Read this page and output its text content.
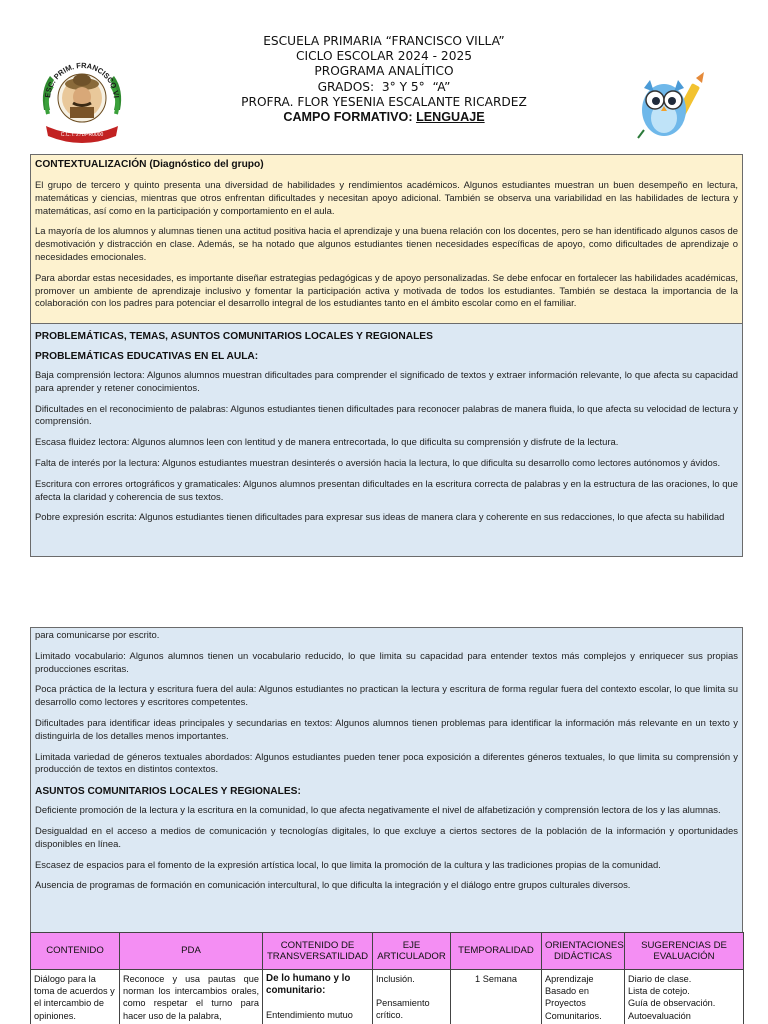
ESC. PRIM. FRANCISCO VI
C.C.T. 27DPR0000
ESCUELA PRIMARIA “FRANCISCO VILLA”
CICLO ESCOLAR 2024 - 2025
PROGRAMA ANALÍTICO
GRADOS:  3° Y 5°  “A”
PROFRA. FLOR YESENIA ESCALANTE RICARDEZ
CAMPO FORMATIVO: LENGUAJE
CONTEXTUALIZACIÓN (Diagnóstico del grupo)

El grupo de tercero y quinto presenta una diversidad de habilidades y rendimientos académicos. Algunos estudiantes muestran un buen desempeño en lectura, matemáticas y ciencias, mientras que otros enfrentan dificultades y necesitan apoyo adicional. También se observa una variabilidad en las habilidades de lectura y matemáticas, así como en la participación y comportamiento en el aula.

La mayoría de los alumnos y alumnas tienen una actitud positiva hacia el aprendizaje y una buena relación con los docentes, pero se han identificado algunos casos de desmotivación y distracción en clase. Además, se ha notado que algunos estudiantes tienen necesidades específicas de apoyo, como dificultades de aprendizaje o necesidades emocionales.

Para abordar estas necesidades, es importante diseñar estrategias pedagógicas y de apoyo personalizadas. Se debe enfocar en fortalecer las habilidades académicas, promover un ambiente de aprendizaje inclusivo y fomentar la participación activa y motivada de todos los estudiantes. También se destaca la importancia de la colaboración con los padres para potenciar el desarrollo integral de los estudiantes tanto en el ámbito escolar como en el familiar.

PROBLEMÁTICAS, TEMAS, ASUNTOS COMUNITARIOS LOCALES Y REGIONALES
PROBLEMÁTICAS EDUCATIVAS EN EL AULA:

Baja comprensión lectora: Algunos alumnos muestran dificultades para comprender el significado de textos y extraer información relevante, lo que afecta su capacidad para aprender y retener conocimientos.

Dificultades en el reconocimiento de palabras: Algunos estudiantes tienen dificultades para reconocer palabras de manera fluida, lo que afecta su velocidad de lectura y comprensión.

Escasa fluidez lectora: Algunos alumnos leen con lentitud y de manera entrecortada, lo que dificulta su comprensión y disfrute de la lectura.

Falta de interés por la lectura: Algunos estudiantes muestran desinterés o aversión hacia la lectura, lo que dificulta su desarrollo como lectores autónomos y ávidos.

Escritura con errores ortográficos y gramaticales: Algunos alumnos presentan dificultades en la escritura correcta de palabras y en la estructura de las oraciones, lo que afecta la claridad y coherencia de sus textos.

Pobre expresión escrita: Algunos estudiantes tienen dificultades para expresar sus ideas de manera clara y coherente en sus redacciones, lo que afecta su habilidad

para comunicarse por escrito.

Limitado vocabulario: Algunos alumnos tienen un vocabulario reducido, lo que limita su capacidad para entender textos más complejos y enriquecer sus propias producciones escritas.

Poca práctica de la lectura y escritura fuera del aula: Algunos estudiantes no practican la lectura y escritura de forma regular fuera del contexto escolar, lo que limita su desarrollo como lectores y escritores competentes.

Dificultades para identificar ideas principales y secundarias en textos: Algunos alumnos tienen problemas para identificar la información más relevante en un texto y distinguirla de los detalles menos importantes.

Limitada variedad de géneros textuales abordados: Algunos estudiantes pueden tener poca exposición a diferentes géneros textuales, lo que limita su comprensión y producción de textos en distintos contextos.

ASUNTOS COMUNITARIOS LOCALES Y REGIONALES:

Deficiente promoción de la lectura y la escritura en la comunidad, lo que afecta negativamente el nivel de alfabetización y comprensión lectora de los y las alumnas.

Desigualdad en el acceso a medios de comunicación y tecnologías digitales, lo que excluye a ciertos sectores de la población de la información y oportunidades disponibles en línea.

Escasez de espacios para el fomento de la expresión artística local, lo que limita la promoción de la cultura y las tradiciones propias de la comunidad.

Ausencia de programas de formación en comunicación intercultural, lo que dificulta la integración y el diálogo entre grupos culturales diversos.

CONTENIDO	PDA	CONTENIDO DE TRANSVERSATILIDAD	EJE ARTICULADOR	TEMPORALIDAD	ORIENTACIONES DIDÁCTICAS	SUGERENCIAS DE EVALUACIÓN
Diálogo para la toma de acuerdos y el intercambio de opiniones.	Reconoce y usa pautas que norman los intercambios orales, como respetar el turno para hacer uso de la palabra,	De lo humano y lo comunitario:
Entendimiento mutuo	Inclusión.
Pensamiento crítico.	1 Semana	Aprendizaje Basado en Proyectos Comunitarios.	Diario de clase.
Lista de cotejo.
Guía de observación.
Autoevaluación
